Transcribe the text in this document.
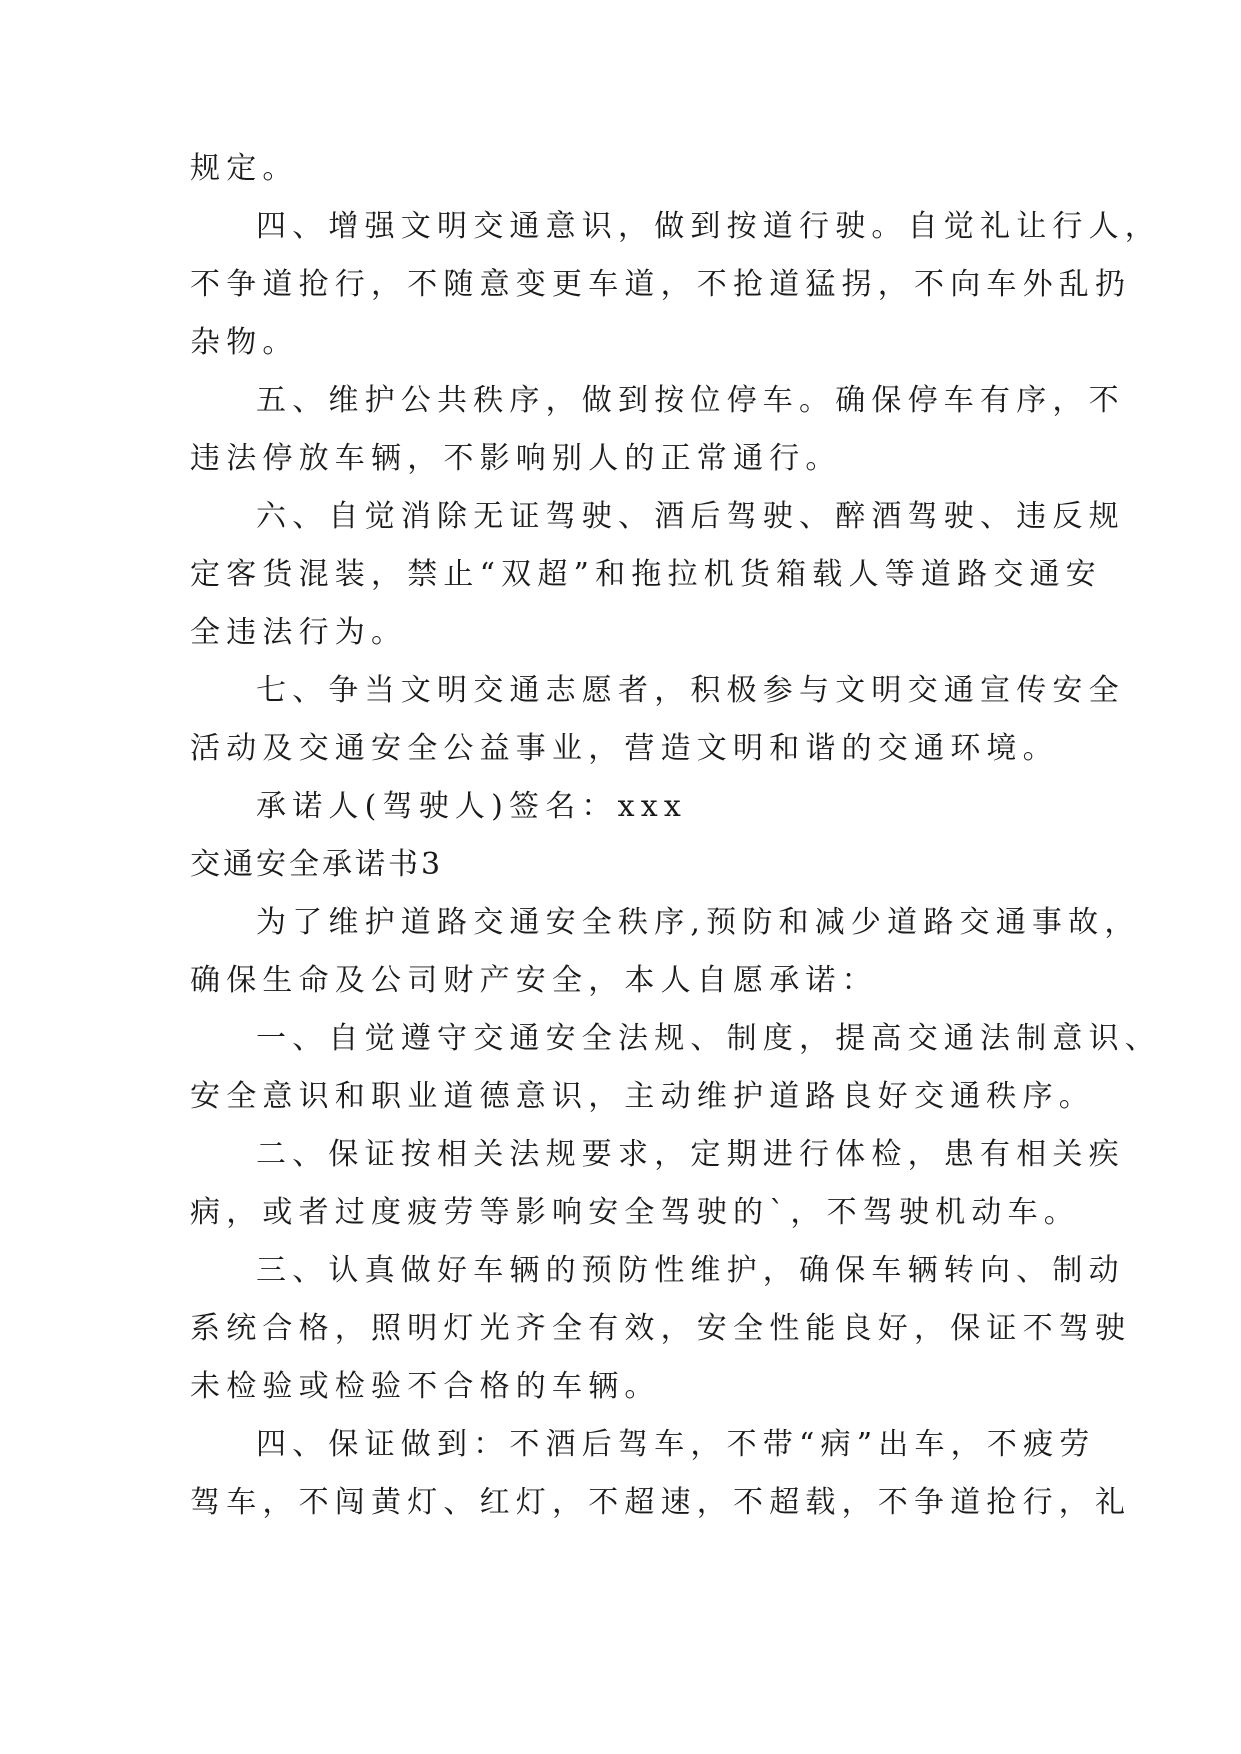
规定。
四、增强文明交通意识，做到按道行驶。自觉礼让行人，
不争道抢行，不随意变更车道，不抢道猛拐，不向车外乱扔
杂物。
五、维护公共秩序，做到按位停车。确保停车有序，不
违法停放车辆，不影响别人的正常通行。
六、自觉消除无证驾驶、酒后驾驶、醉酒驾驶、违反规
定客货混装，禁止“双超”和拖拉机货箱载人等道路交通安
全违法行为。
七、争当文明交通志愿者，积极参与文明交通宣传安全
活动及交通安全公益事业，营造文明和谐的交通环境。
承诺人(驾驶人)签名：xxx
交通安全承诺书3
为了维护道路交通安全秩序,预防和减少道路交通事故，
确保生命及公司财产安全，本人自愿承诺：
一、自觉遵守交通安全法规、制度，提高交通法制意识、
安全意识和职业道德意识，主动维护道路良好交通秩序。
二、保证按相关法规要求，定期进行体检，患有相关疾
病，或者过度疲劳等影响安全驾驶的`，不驾驶机动车。
三、认真做好车辆的预防性维护，确保车辆转向、制动
系统合格，照明灯光齐全有效，安全性能良好，保证不驾驶
未检验或检验不合格的车辆。
四、保证做到：不酒后驾车，不带“病”出车，不疲劳
驾车，不闯黄灯、红灯，不超速，不超载，不争道抢行，礼
